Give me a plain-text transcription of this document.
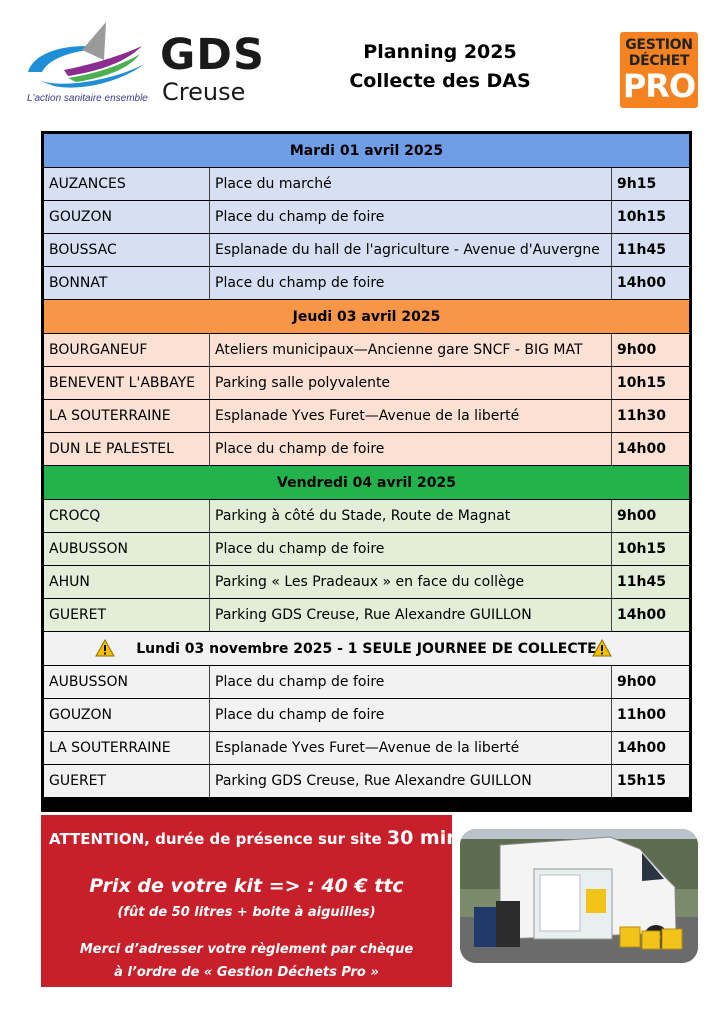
GDS
Creuse
L'action sanitaire ensemble
Planning 2025
Collecte des DAS
GESTION
DÉCHET
PRO
Mardi 01 avril 2025
AUZANCES	Place du marché	9h15
GOUZON	Place du champ de foire	10h15
BOUSSAC	Esplanade du hall de l'agriculture - Avenue d'Auvergne	11h45
BONNAT	Place du champ de foire	14h00
Jeudi 03 avril 2025
BOURGANEUF	Ateliers municipaux—Ancienne gare SNCF - BIG MAT	9h00
BENEVENT L'ABBAYE	Parking salle polyvalente	10h15
LA SOUTERRAINE	Esplanade Yves Furet—Avenue de la liberté	11h30
DUN LE PALESTEL	Place du champ de foire	14h00
Vendredi 04 avril 2025
CROCQ	Parking à côté du Stade, Route de Magnat	9h00
AUBUSSON	Place du champ de foire	10h15
AHUN	Parking « Les Pradeaux » en face du collège	11h45
GUERET	Parking GDS Creuse, Rue Alexandre GUILLON	14h00
Lundi 03 novembre 2025 - 1 SEULE JOURNEE DE COLLECTE
AUBUSSON	Place du champ de foire	9h00
GOUZON	Place du champ de foire	11h00
LA SOUTERRAINE	Esplanade Yves Furet—Avenue de la liberté	14h00
GUERET	Parking GDS Creuse, Rue Alexandre GUILLON	15h15
ATTENTION, durée de présence sur site 30 min
Prix de votre kit => : 40 € ttc
(fût de 50 litres + boite à aiguilles)
Merci d’adresser votre règlement par chèque
à l’ordre de « Gestion Déchets Pro »
